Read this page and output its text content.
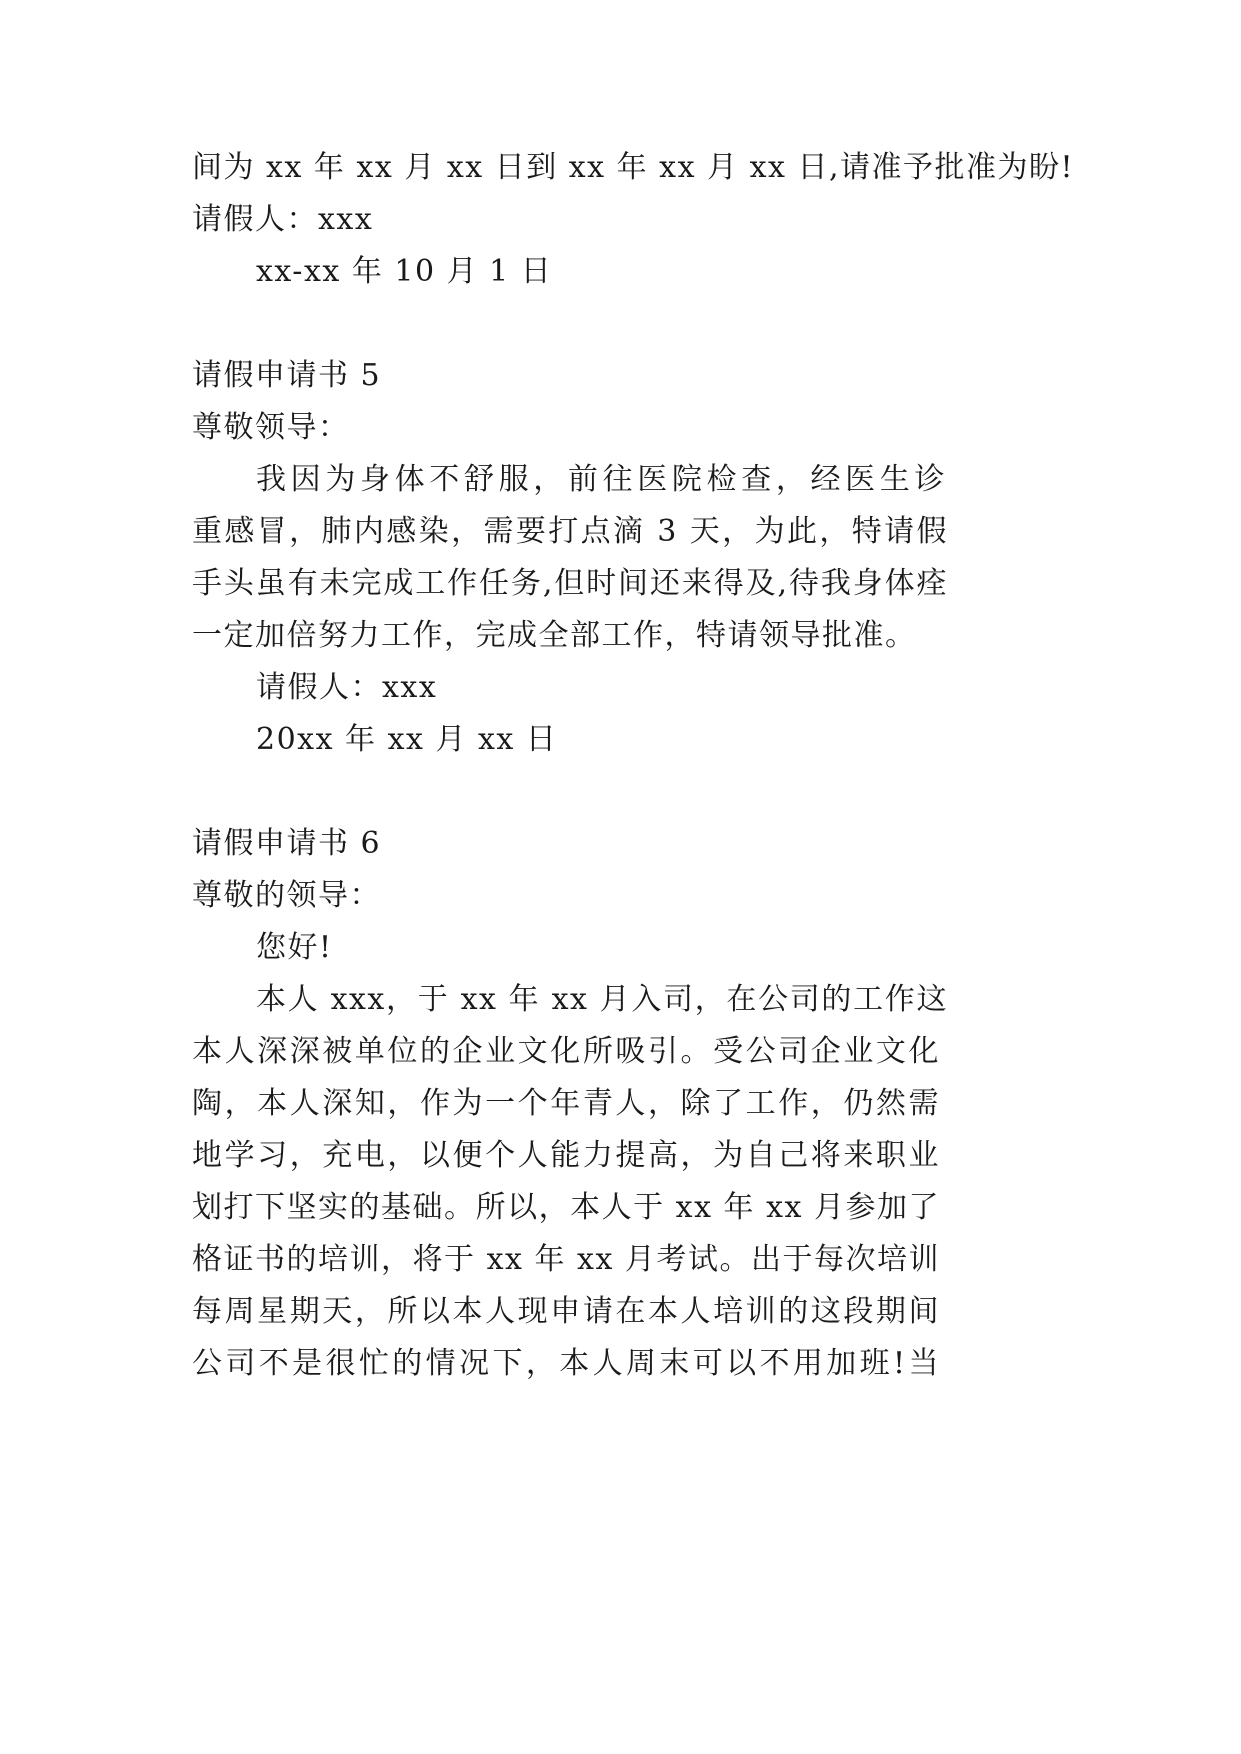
间为 xx 年 xx 月 xx 日到 xx 年 xx 月 xx 日,请准予批准为盼!
请假人：xxx
xx-xx 年 10 月 1 日
请假申请书 5
尊敬领导：
我因为身体不舒服，前往医院检查，经医生诊
重感冒，肺内感染，需要打点滴 3 天，为此，特请假
手头虽有未完成工作任务,但时间还来得及,待我身体痊
一定加倍努力工作，完成全部工作，特请领导批准。
请假人：xxx
20xx 年 xx 月 xx 日
请假申请书 6
尊敬的领导：
您好!
本人 xxx，于 xx 年 xx 月入司，在公司的工作这
本人深深被单位的企业文化所吸引。受公司企业文化
陶，本人深知，作为一个年青人，除了工作，仍然需
地学习，充电，以便个人能力提高，为自己将来职业
划打下坚实的基础。所以，本人于 xx 年 xx 月参加了
格证书的培训，将于 xx 年 xx 月考试。出于每次培训
每周星期天，所以本人现申请在本人培训的这段期间
公司不是很忙的情况下，本人周末可以不用加班!当
